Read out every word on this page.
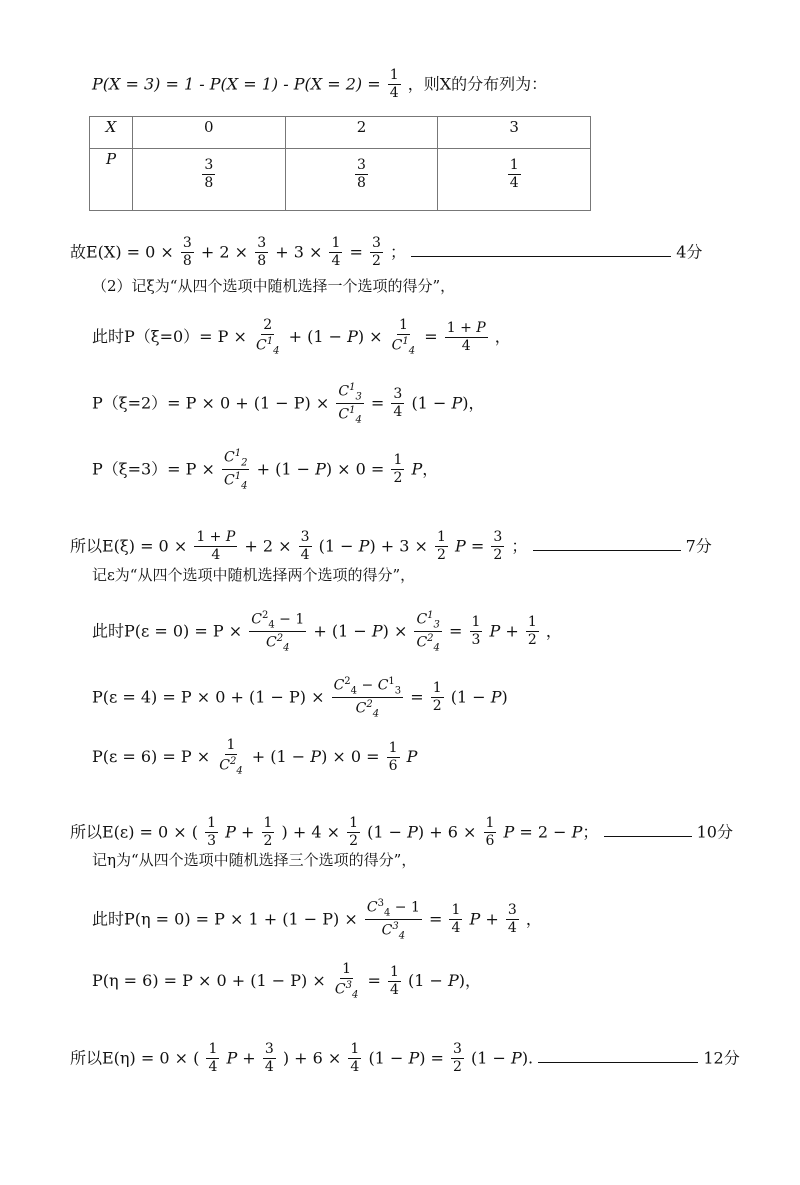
$P(X = 3) = 1 - P(X = 1) - P(X = 2) = \frac{1}{4}$ ，则X的分布列为：
X	0	2	3
P	$\frac{3}{8}$	$\frac{3}{8}$	$\frac{1}{4}$
故$E(X) = 0 \times \frac{3}{8} + 2 \times \frac{3}{8} + 3 \times \frac{1}{4} = \frac{3}{2}$ ；	4分
（2）记ξ为“从四个选项中随机选择一个选项的得分”，
此时$P(\xi=0)= P \times \frac{2}{C^1_4} + (1 - P) \times \frac{1}{C^1_4} = \frac{1 + P}{4}$ ，
$P(\xi=2)= P \times 0 + (1 - P) \times \frac{C^1_3}{C^1_4} = \frac{3}{4} (1 - P)$，
$P(\xi=3)= P \times \frac{C^1_2}{C^1_4} + (1 - P) \times 0 = \frac{1}{2}$ P，
所以$E(\xi) = 0 \times \frac{1 + P}{4} + 2 \times \frac{3}{4} (1 - P) + 3 \times \frac{1}{2}$ $P = \frac{3}{2}$ ；	7分
记ε为“从四个选项中随机选择两个选项的得分”，
此时$P(\varepsilon = 0) = P \times \frac{C^2_4 - 1}{C^2_4} + (1 - P) \times \frac{C^1_3}{C^2_4} = \frac{1}{3}$ $P + \frac{1}{2}$ ，
$P(\varepsilon = 4) = P \times 0 + (1 - P) \times \frac{C^2_4 - C^1_3}{C^2_4} = \frac{1}{2} (1 - P)$
$P(\varepsilon = 6) = P \times \frac{1}{C^2_4} + (1 - P) \times 0 = \frac{1}{6}$ P
所以E(ε) = 0 × ( $\frac{1}{3}$ $P + \frac{1}{2}$ ) + $4 \times \frac{1}{2} (1 - P) + 6 \times \frac{1}{6}$ P = 2 − P；	10分
记η为“从四个选项中随机选择三个选项的得分”，
此时$P(\eta = 0) = P \times 1 + (1 - P) \times \frac{C^3_4 - 1}{C^3_4} = \frac{1}{4}$ $P + \frac{3}{4}$ ，
$P(\eta = 6) = P \times 0 + (1 - P) \times \frac{1}{C^3_4} = \frac{1}{4} (1 - P)$，
所以E(η) = 0 × ( $\frac{1}{4}$ $P + \frac{3}{4}$ ) + $6 \times \frac{1}{4} (1 - P) = \frac{3}{2} (1 - P)$.	12分
